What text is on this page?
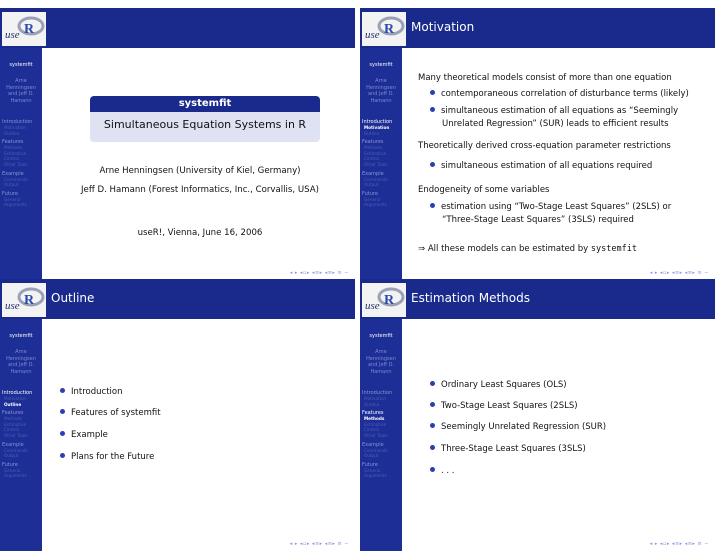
R
use
systemfit
Arne
Henningsen
and Jeff D.
Hamann
Introduction
Motivation
Outline
Features
Methods
Estimation
Control
Other Tools
Example
Commands
Output
Future
General
Arguments
systemfit
Simultaneous Equation Systems in R
Arne Henningsen (University of Kiel, Germany)
Jeff D. Hamann (Forest Informatics, Inc., Corvallis, USA)
useR!, Vienna, June 16, 2006
◂ ▸ ◂▫▸ ◂≡▸ ◂≡▸ ≡ ∽
R
use
Motivation
systemfit
Arne
Henningsen
and Jeff D.
Hamann
Introduction
Motivation
Outline
Features
Methods
Estimation
Control
Other Tools
Example
Commands
Output
Future
General
Arguments
Many theoretical models consist of more than one equation
contemporaneous correlation of disturbance terms (likely)
simultaneous estimation of all equations as “Seemingly
Unrelated Regression” (SUR) leads to efficient results
Theoretically derived cross-equation parameter restrictions
simultaneous estimation of all equations required
Endogeneity of some variables
estimation using “Two-Stage Least Squares” (2SLS) or
“Three-Stage Least Squares” (3SLS) required
⇒ All these models can be estimated by systemfit
◂ ▸ ◂▫▸ ◂≡▸ ◂≡▸ ≡ ∽
R
use
Outline
systemfit
Arne
Henningsen
and Jeff D.
Hamann
Introduction
Motivation
Outline
Features
Methods
Estimation
Control
Other Tools
Example
Commands
Output
Future
General
Arguments
Introduction
Features of systemfit
Example
Plans for the Future
◂ ▸ ◂▫▸ ◂≡▸ ◂≡▸ ≡ ∽
R
use
Estimation Methods
systemfit
Arne
Henningsen
and Jeff D.
Hamann
Introduction
Motivation
Outline
Features
Methods
Estimation
Control
Other Tools
Example
Commands
Output
Future
General
Arguments
Ordinary Least Squares (OLS)
Two-Stage Least Squares (2SLS)
Seemingly Unrelated Regression (SUR)
Three-Stage Least Squares (3SLS)
. . .
◂ ▸ ◂▫▸ ◂≡▸ ◂≡▸ ≡ ∽
